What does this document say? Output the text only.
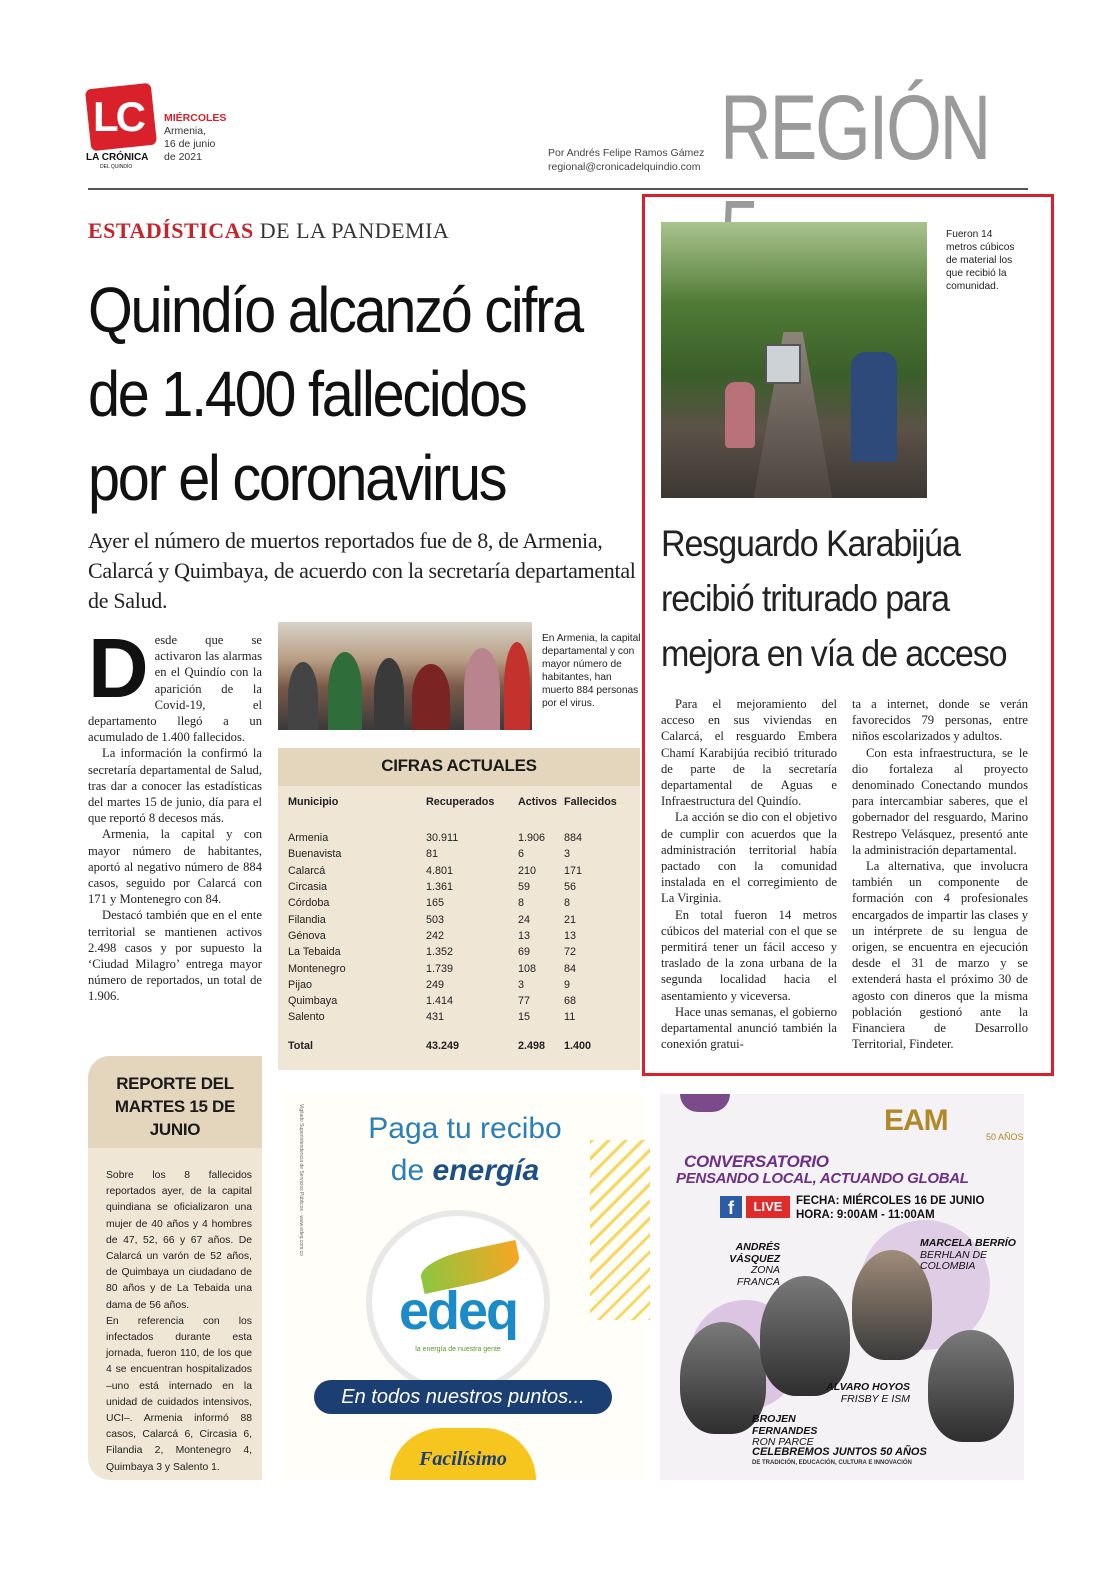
LC
LA CRÓNICA
DEL QUINDÍO
MIÉRCOLES
Armenia,
16 de junio
de 2021	Por Andrés Felipe Ramos Gámez
regional@cronicadelquindio.com REGIÓN
ESTADÍSTICAS DE LA PANDEMIA
Quindío alcanzó cifra de 1.400 fallecidos por el coronavirus
Ayer el número de muertos reportados fue de 8, de Armenia, Calarcá y Quimbaya, de acuerdo con la secretaría departamental de Salud.

Desde que se activaron las alarmas en el Quindío con la aparición de la Covid-19, el departamento llegó a un acumulado de 1.400 fallecidos.

La información la confirmó la secretaría departamental de Salud, tras dar a conocer las estadísticas del martes 15 de junio, día para el que reportó 8 decesos más.

Armenia, la capital y con mayor número de habitantes, aportó al negativo número de 884 casos, seguido por Calarcá con 171 y Montenegro con 84.

Destacó también que en el ente territorial se mantienen activos 2.498 casos y por supuesto la ‘Ciudad Milagro’ entrega mayor número de reportados, un total de 1.906.

En Armenia, la capital departamental y con mayor número de habitantes, han muerto 884 personas por el virus.
CIFRAS ACTUALES
Municipio	Recuperados	Activos	Fallecidos
Armenia	30.911	1.906	884
Buenavista	81	6	3
Calarcá	4.801	210	171
Circasia	1.361	59	56
Córdoba	165	8	8
Filandia	503	24	21
Génova	242	13	13
La Tebaida	1.352	69	72
Montenegro	1.739	108	84
Pijao	249	3	9
Quimbaya	1.414	77	68
Salento	431	15	11
Total	43.249	2.498	1.400
REPORTE DEL MARTES 15 DE JUNIO

Sobre los 8 fallecidos reportados ayer, de la capital quindiana se oficializaron una mujer de 40 años y 4 hombres de 47, 52, 66 y 67 años. De Calarcá un varón de 52 años, de Quimbaya un ciudadano de 80 años y de La Tebaida una dama de 56 años.

En referencia con los infectados durante esta jornada, fueron 110, de los que 4 se encuentran hospitalizados –uno está internado en la unidad de cuidados intensivos, UCI–. Armenia informó 88 casos, Calarcá 6, Circasia 6, Filandia 2, Montenegro 4, Quimbaya 3 y Salento 1.

Fueron 14 metros cúbicos de material los que recibió la comunidad.
Resguardo Karabijúa recibió triturado para mejora en vía de acceso

Para el mejoramiento del acceso en sus viviendas en Calarcá, el resguardo Embera Chamí Karabijúa recibió triturado de parte de la secretaría departamental de Aguas e Infraestructura del Quindío.

La acción se dio con el objetivo de cumplir con acuerdos que la administración territorial había pactado con la comunidad instalada en el corregimiento de La Virginia.

En total fueron 14 metros cúbicos del material con el que se permitirá tener un fácil acceso y traslado de la zona urbana de la segunda localidad hacia el asentamiento y viceversa.

Hace unas semanas, el gobierno departamental anunció también la conexión gratui-

ta a internet, donde se verán favorecidos 79 personas, entre niños escolarizados y adultos.

Con esta infraestructura, se le dio fortaleza al proyecto denominado Conectando mundos para intercambiar saberes, que el gobernador del resguardo, Marino Restrepo Velásquez, presentó ante la administración departamental.

La alternativa, que involucra también un componente de formación con 4 profesionales encargados de impartir las clases y un intérprete de su lengua de origen, se encuentra en ejecución desde el 31 de marzo y se extenderá hasta el próximo 30 de agosto con dineros que la misma población gestionó ante la Financiera de Desarrollo Territorial, Findeter.

Vigilado Superintendencia de Servicios Públicos · www.edeq.com.co	Paga tu recibo
de energía
edeq
la energía de nuestra gente
En todos nuestros puntos...
Facilísimo
EAM	50 AÑOS
CONVERSATORIO
PENSANDO LOCAL, ACTUANDO GLOBAL
f	LIVE	FECHA: MIÉRCOLES 16 DE JUNIO
HORA: 9:00AM - 11:00AM
ANDRÉS VÁSQUEZ
ZONA FRANCA
MARCELA BERRÍO
BERHLAN DE COLOMBIA
ALVARO HOYOS
FRISBY E ISM
BROJEN FERNANDES
RON PARCE
CELEBREMOS JUNTOS 50 AÑOS
DE TRADICIÓN, EDUCACIÓN, CULTURA E INNOVACIÓN
